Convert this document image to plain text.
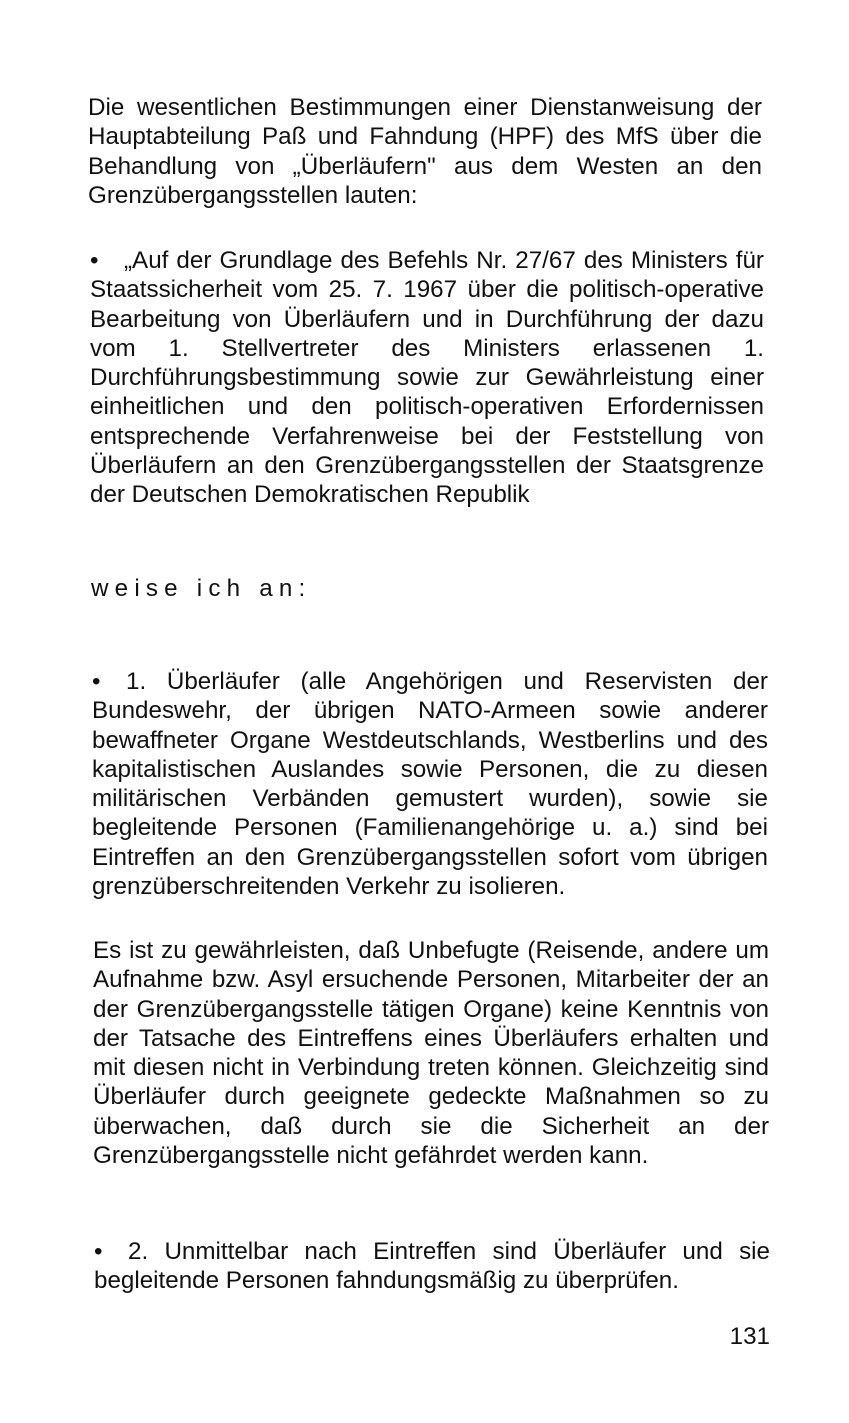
Die wesentlichen Bestimmungen einer Dienstanweisung der Hauptabteilung Paß und Fahndung (HPF) des MfS über die Behandlung von „Überläufern" aus dem Westen an den Grenzübergangsstellen lauten:

• „Auf der Grundlage des Befehls Nr. 27/67 des Ministers für Staatssicherheit vom 25. 7. 1967 über die politisch-operative Bearbeitung von Überläufern und in Durchführung der dazu vom 1. Stellvertreter des Ministers erlassenen 1. Durchführungsbestimmung sowie zur Gewährleistung einer einheitlichen und den politisch-operativen Erfordernissen entsprechende Verfahrenweise bei der Feststellung von Überläufern an den Grenzübergangsstellen der Staatsgrenze der Deutschen Demokratischen Republik

weise ich an:

• 1. Überläufer (alle Angehörigen und Reservisten der Bundeswehr, der übrigen NATO-Armeen sowie anderer bewaffneter Organe Westdeutschlands, Westberlins und des kapitalistischen Auslandes sowie Personen, die zu diesen militärischen Verbänden gemustert wurden), sowie sie begleitende Personen (Familienangehörige u. a.) sind bei Eintreffen an den Grenzübergangsstellen sofort vom übrigen grenzüberschreitenden Verkehr zu isolieren.

Es ist zu gewährleisten, daß Unbefugte (Reisende, andere um Aufnahme bzw. Asyl ersuchende Personen, Mitarbeiter der an der Grenzübergangsstelle tätigen Organe) keine Kenntnis von der Tatsache des Eintreffens eines Überläufers erhalten und mit diesen nicht in Verbindung treten können. Gleichzeitig sind Überläufer durch geeignete gedeckte Maßnahmen so zu überwachen, daß durch sie die Sicherheit an der Grenzübergangsstelle nicht gefährdet werden kann.

• 2. Unmittelbar nach Eintreffen sind Überläufer und sie begleitende Personen fahndungsmäßig zu überprüfen.

131
